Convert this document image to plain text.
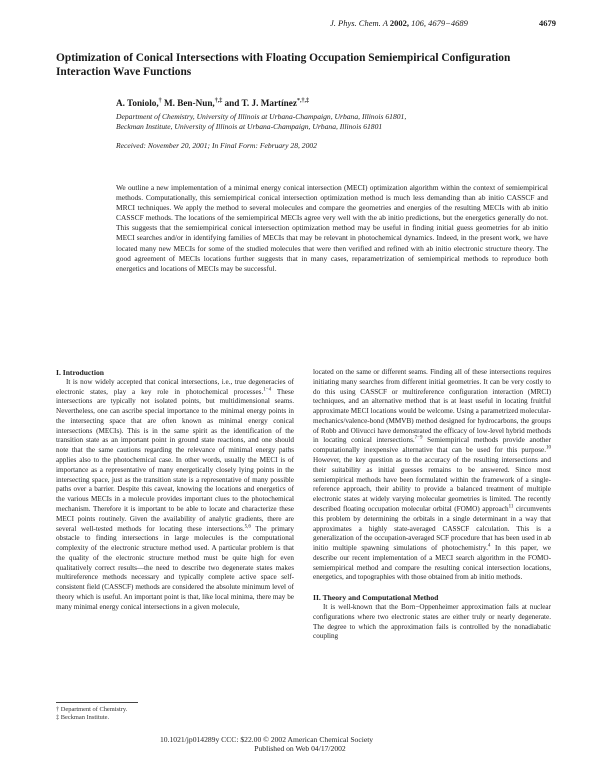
J. Phys. Chem. A 2002, 106, 4679−4689	4679
Optimization of Conical Intersections with Floating Occupation Semiempirical Configuration Interaction Wave Functions
A. Toniolo,† M. Ben-Nun,†,‡ and T. J. Martínez*,†,‡
Department of Chemistry, University of Illinois at Urbana-Champaign, Urbana, Illinois 61801,
Beckman Institute, University of Illinois at Urbana-Champaign, Urbana, Illinois 61801
Received: November 20, 2001; In Final Form: February 28, 2002
We outline a new implementation of a minimal energy conical intersection (MECI) optimization algorithm within the context of semiempirical methods. Computationally, this semiempirical conical intersection optimization method is much less demanding than ab initio CASSCF and MRCI techniques. We apply the method to several molecules and compare the geometries and energies of the resulting MECIs with ab initio CASSCF methods. The locations of the semiempirical MECIs agree very well with the ab initio predictions, but the energetics generally do not. This suggests that the semiempirical conical intersection optimization method may be useful in finding initial guess geometries for ab initio MECI searches and/or in identifying families of MECIs that may be relevant in photochemical dynamics. Indeed, in the present work, we have located many new MECIs for some of the studied molecules that were then verified and refined with ab initio electronic structure theory. The good agreement of MECIs locations further suggests that in many cases, reparametrization of semiempirical methods to reproduce both energetics and locations of MECIs may be successful.

I. Introduction

It is now widely accepted that conical intersections, i.e., true degeneracies of electronic states, play a key role in photochemical processes.$^{1-4}$ These intersections are typically not isolated points, but multidimensional seams. Nevertheless, one can ascribe special importance to the minimal energy points in the intersecting space that are often known as minimal energy conical intersections (MECIs). This is in the same spirit as the identification of the transition state as an important point in ground state reactions, and one should note that the same cautions regarding the relevance of minimal energy paths applies also to the photochemical case. In other words, usually the MECI is of importance as a representative of many energetically closely lying points in the intersecting space, just as the transition state is a representative of many possible paths over a barrier. Despite this caveat, knowing the locations and energetics of the various MECIs in a molecule provides important clues to the photochemical mechanism. Therefore it is important to be able to locate and characterize these MECI points routinely. Given the availability of analytic gradients, there are several well-tested methods for locating these intersections.$^{5,6}$ The primary obstacle to finding intersections in large molecules is the computational complexity of the electronic structure method used. A particular problem is that the quality of the electronic structure method must be quite high for even qualitatively correct results—the need to describe two degenerate states makes multireference methods necessary and typically complete active space self-consistent field (CASSCF) methods are considered the absolute minimum level of theory which is useful. An important point is that, like local minima, there may be many minimal energy conical intersections in a given molecule,

located on the same or different seams. Finding all of these intersections requires initiating many searches from different initial geometries. It can be very costly to do this using CASSCF or multireference configuration interaction (MRCI) techniques, and an alternative method that is at least useful in locating fruitful approximate MECI locations would be welcome. Using a parametrized molecular-mechanics/valence-bond (MMVB) method designed for hydrocarbons, the groups of Robb and Olivucci have demonstrated the efficacy of low-level hybrid methods in locating conical intersections.$^{7-9}$ Semiempirical methods provide another computationally inexpensive alternative that can be used for this purpose.$^{10}$ However, the key question as to the accuracy of the resulting intersections and their suitability as initial guesses remains to be answered. Since most semiempirical methods have been formulated within the framework of a single-reference approach, their ability to provide a balanced treatment of multiple electronic states at widely varying molecular geometries is limited. The recently described floating occupation molecular orbital (FOMO) approach$^{11}$ circumvents this problem by determining the orbitals in a single determinant in a way that approximates a highly state-averaged CASSCF calculation. This is a generalization of the occupation-averaged SCF procedure that has been used in ab initio multiple spawning simulations of photochemistry.$^4$ In this paper, we describe our recent implementation of a MECI search algorithm in the FOMO-semiempirical method and compare the resulting conical intersection locations, energetics, and topographies with those obtained from ab initio methods.

II. Theory and Computational Method

It is well-known that the Born−Oppenheimer approximation fails at nuclear configurations where two electronic states are either truly or nearly degenerate. The degree to which the approximation fails is controlled by the nonadiabatic coupling

† Department of Chemistry.
‡ Beckman Institute.
10.1021/jp014289y CCC: $22.00 © 2002 American Chemical Society
Published on Web 04/17/2002
